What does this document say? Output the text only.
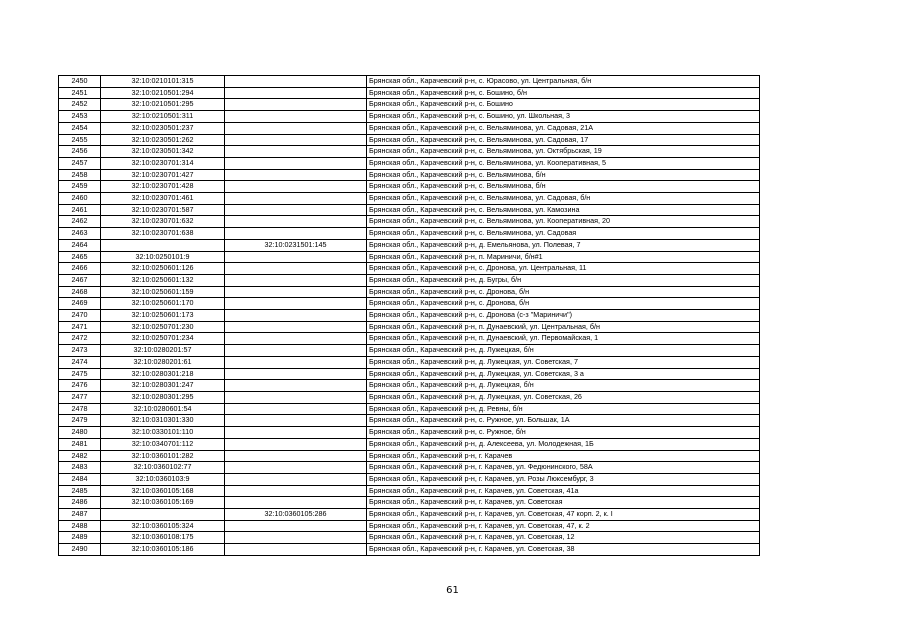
2450	32:10:0210101:315		Брянская обл., Карачевский р-н, с. Юрасово, ул. Центральная, б/н
2451	32:10:0210501:294		Брянская обл., Карачевский р-н, с. Бошино, б/н
2452	32:10:0210501:295		Брянская обл., Карачевский р-н, с. Бошино
2453	32:10:0210501:311		Брянская обл., Карачевский р-н, с. Бошино, ул. Школьная, 3
2454	32:10:0230501:237		Брянская обл., Карачевский р-н, с. Вельяминова, ул. Садовая, 21А
2455	32:10:0230501:262		Брянская обл., Карачевский р-н, с. Вельяминова, ул. Садовая, 17
2456	32:10:0230501:342		Брянская обл., Карачевский р-н, с. Вельяминова, ул. Октябрьская, 19
2457	32:10:0230701:314		Брянская обл., Карачевский р-н, с. Вельяминова, ул. Кооперативная, 5
2458	32:10:0230701:427		Брянская обл., Карачевский р-н, с. Вельяминова, б/н
2459	32:10:0230701:428		Брянская обл., Карачевский р-н, с. Вельяминова, б/н
2460	32:10:0230701:461		Брянская обл., Карачевский р-н, с. Вельяминова, ул. Садовая, б/н
2461	32:10:0230701:587		Брянская обл., Карачевский р-н, с. Вельяминова, ул. Камозина
2462	32:10:0230701:632		Брянская обл., Карачевский р-н, с. Вельяминова, ул. Кооперативная, 20
2463	32:10:0230701:638		Брянская обл., Карачевский р-н, с. Вельяминова, ул. Садовая
2464		32:10:0231501:145	Брянская обл., Карачевский р-н, д. Емельянова, ул. Полевая, 7
2465	32:10:0250101:9		Брянская обл., Карачевский р-н, п. Мариничи, б/н#1
2466	32:10:0250601:126		Брянская обл., Карачевский р-н, с. Дронова, ул. Центральная, 11
2467	32:10:0250601:132		Брянская обл., Карачевский р-н, д. Бугры, б/н
2468	32:10:0250601:159		Брянская обл., Карачевский р-н, с. Дронова, б/н
2469	32:10:0250601:170		Брянская обл., Карачевский р-н, с. Дронова, б/н
2470	32:10:0250601:173		Брянская обл., Карачевский р-н, с. Дронова (с-з "Мариничи")
2471	32:10:0250701:230		Брянская обл., Карачевский р-н, п. Дунаевский, ул. Центральная, б/н
2472	32:10:0250701:234		Брянская обл., Карачевский р-н, п. Дунаевский, ул. Первомайская, 1
2473	32:10:0280201:57		Брянская обл., Карачевский р-н, д. Лужецкая, б/н
2474	32:10:0280201:61		Брянская обл., Карачевский р-н, д. Лужецкая, ул. Советская, 7
2475	32:10:0280301:218		Брянская обл., Карачевский р-н, д. Лужецкая, ул. Советская, 3 а
2476	32:10:0280301:247		Брянская обл., Карачевский р-н, д. Лужецкая, б/н
2477	32:10:0280301:295		Брянская обл., Карачевский р-н, д. Лужецкая, ул. Советская, 26
2478	32:10:0280601:54		Брянская обл., Карачевский р-н, д. Ревны, б/н
2479	32:10:0310301:330		Брянская обл., Карачевский р-н, с. Ружное, ул. Большак, 1А
2480	32:10:0330101:110		Брянская обл., Карачевский р-н, с. Ружное, б/н
2481	32:10:0340701:112		Брянская обл., Карачевский р-н, д. Алексеева, ул. Молодежная, 1Б
2482	32:10:0360101:282		Брянская обл., Карачевский р-н, г. Карачев
2483	32:10:0360102:77		Брянская обл., Карачевский р-н, г. Карачев, ул. Федюнинского, 58А
2484	32:10:0360103:9		Брянская обл., Карачевский р-н, г. Карачев, ул. Розы Люксембург, 3
2485	32:10:0360105:168		Брянская обл., Карачевский р-н, г. Карачев, ул. Советская, 41а
2486	32:10:0360105:169		Брянская обл., Карачевский р-н, г. Карачев, ул. Советская
2487		32:10:0360105:286	Брянская обл., Карачевский р-н, г. Карачев, ул. Советская, 47 корп. 2, к. I
2488	32:10:0360105:324		Брянская обл., Карачевский р-н, г. Карачев, ул. Советская, 47, к. 2
2489	32:10:0360108:175		Брянская обл., Карачевский р-н, г. Карачев, ул. Советская, 12
2490	32:10:0360105:186		Брянская обл., Карачевский р-н, г. Карачев, ул. Советская, 38
61
